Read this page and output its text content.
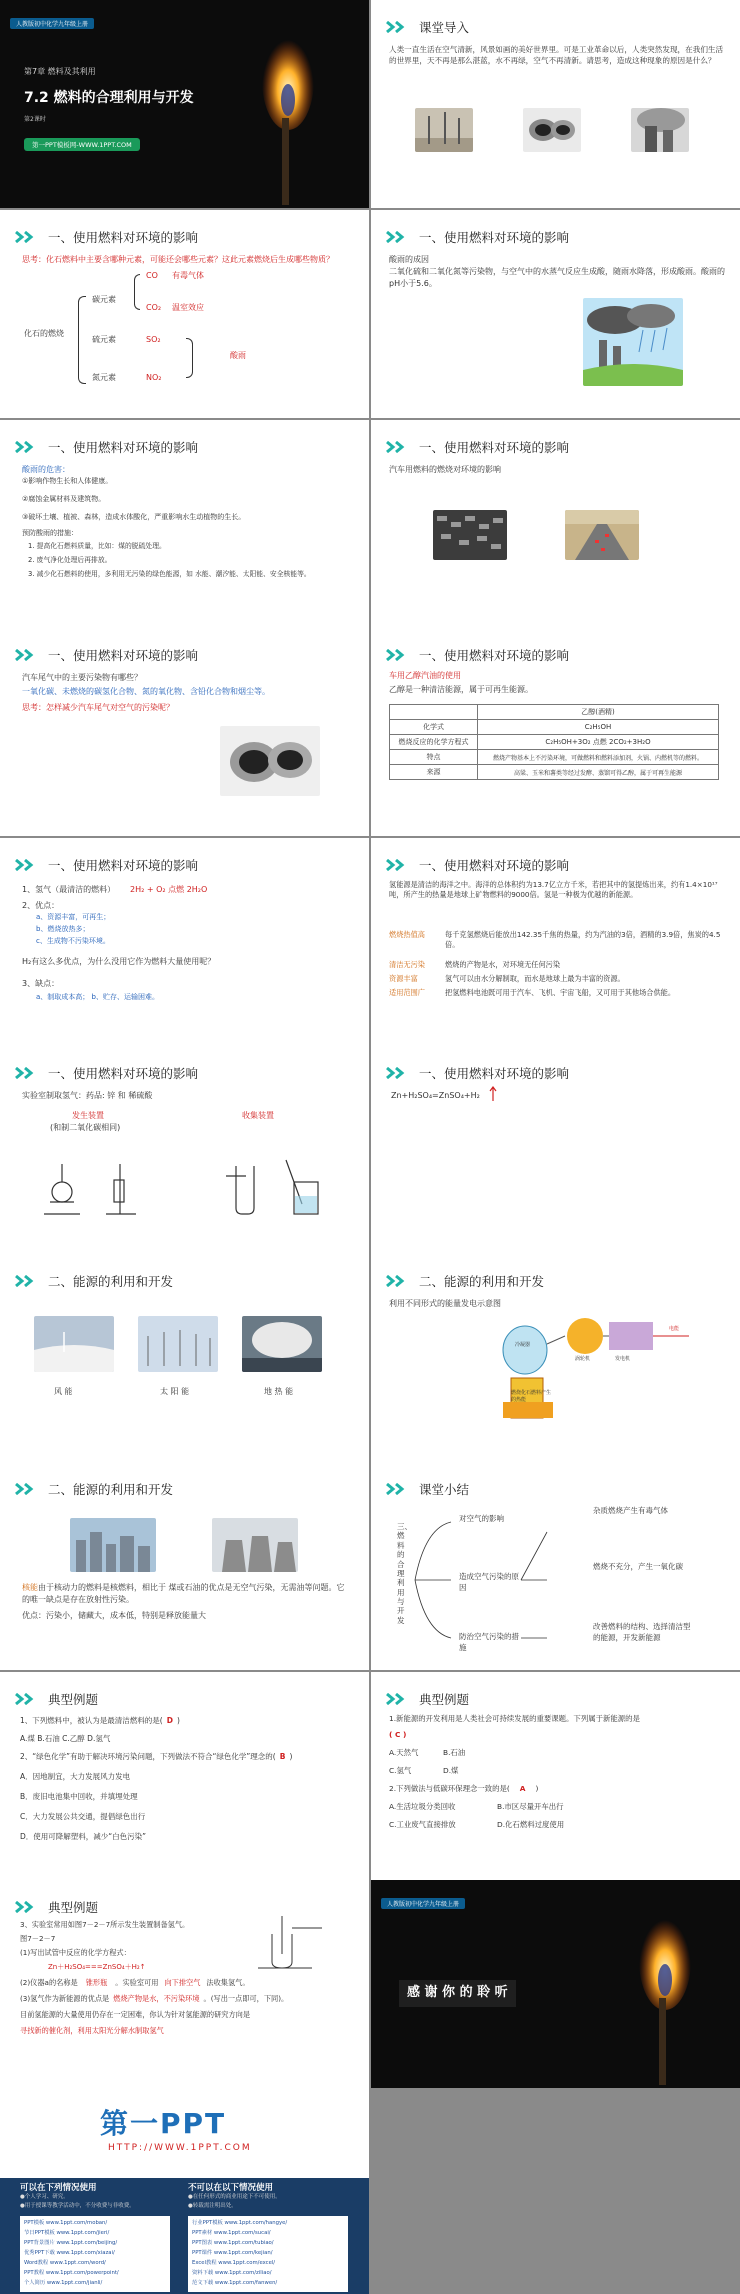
人教版初中化学九年级上册
第7章 燃料及其利用
7.2 燃料的合理利用与开发
第2课时
第一PPT模板网-WWW.1PPT.COM
课堂导入
人类一直生活在空气清新，风景如画的美好世界里。可是工业革命以后，人类突然发现，在我们生活的世界里，天不再是那么湛蓝，水不再绿，空气不再清新。请思考，造成这种现象的原因是什么？
一、使用燃料对环境的影响
思考：化石燃料中主要含哪种元素，可能还会哪些元素？这此元素燃烧后生成哪些物质？
化石的燃烧
碳元素
CO 有毒气体
CO₂ 温室效应
硫元素	SO₂
氮元素	NO₂
酸雨
一、使用燃料对环境的影响
酸雨的成因
二氧化硫和二氧化氮等污染物，与空气中的水蒸气反应生成酸，随雨水降落，形成酸雨。酸雨的pH小于5.6。
一、使用燃料对环境的影响
酸雨的危害：
①影响作物生长和人体健康。
②腐蚀金属材料及建筑物。
③破坏土壤、植被、森林，造成水体酸化，严重影响水生动植物的生长。
预防酸雨的措施：
1. 提高化石燃料质量，比如：煤的脱硫处理。
2. 废气净化处理后再排放。
3. 减少化石燃料的使用，多利用无污染的绿色能源，如 水能、潮汐能、太阳能、安全核能等。
一、使用燃料对环境的影响
汽车用燃料的燃烧对环境的影响
一、使用燃料对环境的影响
汽车尾气中的主要污染物有哪些？
一氧化碳、未燃烧的碳氢化合物、氮的氧化物、含铅化合物和烟尘等。
思考：怎样减少汽车尾气对空气的污染呢？
一、使用燃料对环境的影响
车用乙醇汽油的使用
乙醇是一种清洁能源，属于可再生能源。
	乙醇(酒精)
化学式	C₂H₅OH
燃烧反应的化学方程式	C₂H₅OH+3O₂ 点燃 2CO₂+3H₂O
特点	燃烧产物基本上不污染环境，可做燃料和燃料添加剂，火锅、内燃机等的燃料。
来源	高粱、玉米和薯类等经过发酵、蒸馏可得乙醇，属于可再生能源
一、使用燃料对环境的影响
1、氢气（最清洁的燃料） 2H₂ + O₂ 点燃 2H₂O
2、优点：
a、资源丰富，可再生；
b、燃烧放热多；
c、生成物不污染环境。
H₂有这么多优点，为什么没用它作为燃料大量使用呢？
3、缺点：
a、制取成本高； b、贮存、运输困难。
一、使用燃料对环境的影响
氢能源是清洁的海洋之中。海洋的总体积约为13.7亿立方千米，若把其中的氢提炼出来，约有1.4×10¹⁷ 吨，所产生的热量是地球上矿物燃料的9000倍。氢是一种极为优越的新能源。
燃烧热值高	每千克氢燃烧后能放出142.35千焦的热量，约为汽油的3倍，酒精的3.9倍，焦炭的4.5倍。
清洁无污染	燃烧的产物是水，对环境无任何污染
资源丰富	氢气可以由水分解制取，而水是地球上最为丰富的资源。
适用范围广	把氢燃料电池既可用于汽车、飞机、宇宙飞船，又可用于其他场合供能。
一、使用燃料对环境的影响
实验室制取氢气：药品: 锌 和 稀硫酸
发生装置
(和制二氧化碳相同)
收集装置
一、使用燃料对环境的影响
Zn+H₂SO₄=ZnSO₄+H₂
二、能源的利用和开发
风 能	太 阳 能	地 热 能
二、能源的利用和开发
利用不同形式的能量发电示意图
冷凝器
涡轮机	发电机
燃烧化石燃料产生的热能
电能
二、能源的利用和开发
核能由于核动力的燃料是核燃料，相比于 煤或石油的优点是无空气污染，无需油等问题。它的唯一缺点是存在放射性污染。
优点：污染小，储藏大，成本低，特别是释放能量大
课堂小结
三、燃料的合理利用与开发
对空气的影响
造成空气污染的原因
防治空气污染的措施
杂质燃烧产生有毒气体
燃烧不充分，产生一氧化碳
改善燃料的结构、选择清洁型的能源，开发新能源
典型例题
1、下列燃料中，被认为是最清洁燃料的是( D )
A.煤 B.石油 C.乙醇 D.氢气
2、“绿色化学”有助于解决环境污染问题，下列做法不符合“绿色化学”理念的( B )
A．因地制宜，大力发展风力发电
B．废旧电池集中回收，并填埋处理
C．大力发展公共交通，提倡绿色出行
D．使用可降解塑料，减少“白色污染”
典型例题
1.新能源的开发利用是人类社会可持续发展的重要课题。下列属于新能源的是
( C )
A.天然气	B.石油
C.氢气	D.煤
2.下列做法与低碳环保理念一致的是( A )
A.生活垃圾分类回收	B.市区尽量开车出行
C.工业废气直接排放	D.化石燃料过度使用
典型例题
3、实验室常用如图7－2－7所示发生装置制备氢气。
图7－2－7
(1)写出试管中反应的化学方程式：
Zn＋H₂SO₄===ZnSO₄＋H₂↑
(2)仪器a的名称是 锥形瓶 。实验室可用 向下排空气 法收集氢气。
(3)氢气作为新能源的优点是 燃烧产物是水，不污染环境 。(写出一点即可，下同)。
目前氢能源的大量使用仍存在一定困难，你认为针对氢能源的研究方向是
寻找新的催化剂，利用太阳光分解水制取氢气
人教版初中化学九年级上册
感 谢 你 的 聆 听
第一PPT
HTTP://WWW.1PPT.COM
可以在下列情况使用
●个人学习、研究。
●用于授课等教学活动中，不分收费与非收费。
不可以在以下情况使用
●在任何形式的商业用途下不可使用。
●转载需注明出处。
PPT模板 www.1ppt.com/moban/
节日PPT模板 www.1ppt.com/jieri/
PPT背景图片 www.1ppt.com/beijing/
优秀PPT下载 www.1ppt.com/xiazai/
Word教程 www.1ppt.com/word/
PPT教程 www.1ppt.com/powerpoint/
个人简历 www.1ppt.com/jianli/
行业PPT模板 www.1ppt.com/hangye/
PPT素材 www.1ppt.com/sucai/
PPT图表 www.1ppt.com/tubiao/
PPT课件 www.1ppt.com/kejian/
Excel教程 www.1ppt.com/excel/
资料下载 www.1ppt.com/ziliao/
范文下载 www.1ppt.com/fanwen/
